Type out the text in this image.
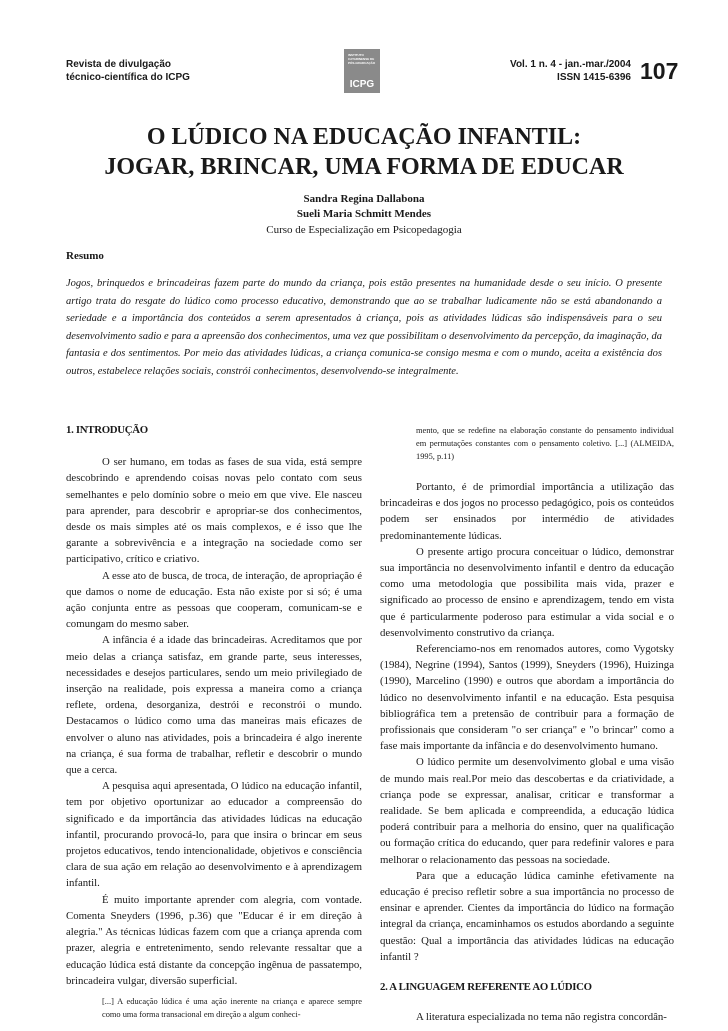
Revista de divulgação
técnico-científica do ICPG
INSTITUTO CATARINENSE DE PÓS-GRADUAÇÃO
ICPG
Vol. 1 n. 4 - jan.-mar./2004
ISSN 1415-6396 107
O LÚDICO NA EDUCAÇÃO INFANTIL:
JOGAR, BRINCAR, UMA FORMA DE EDUCAR
Sandra Regina Dallabona
Sueli Maria Schmitt Mendes
Curso de Especialização em Psicopedagogia
Resumo
Jogos, brinquedos e brincadeiras fazem parte do mundo da criança, pois estão presentes na humanidade desde o seu início. O presente artigo trata do resgate do lúdico como processo educativo, demonstrando que ao se trabalhar ludicamente não se está abandonando a seriedade e a importância dos conteúdos a serem apresentados à criança, pois as atividades lúdicas são indispensáveis para o seu desenvolvimento sadio e para a apreensão dos conhecimentos, uma vez que possibilitam o desenvolvimento da percepção, da imaginação, da fantasia e dos sentimentos. Por meio das atividades lúdicas, a criança comunica-se consigo mesma e com o mundo, aceita a existência dos outros, estabelece relações sociais, constrói conhecimentos, desenvolvendo-se integralmente.

1. INTRODUÇÃO

O ser humano, em todas as fases de sua vida, está sempre descobrindo e aprendendo coisas novas pelo contato com seus semelhantes e pelo domínio sobre o meio em que vive. Ele nasceu para aprender, para descobrir e apropriar-se dos conhecimentos, desde os mais simples até os mais complexos, e é isso que lhe garante a sobrevivência e a integração na sociedade como ser participativo, crítico e criativo.

A esse ato de busca, de troca, de interação, de apropriação é que damos o nome de educação. Esta não existe por si só; é uma ação conjunta entre as pessoas que cooperam, comunicam-se e comungam do mesmo saber.

A infância é a idade das brincadeiras. Acreditamos que por meio delas a criança satisfaz, em grande parte, seus interesses, necessidades e desejos particulares, sendo um meio privilegiado de inserção na realidade, pois expressa a maneira como a criança reflete, ordena, desorganiza, destrói e reconstrói o mundo. Destacamos o lúdico como uma das maneiras mais eficazes de envolver o aluno nas atividades, pois a brincadeira é algo inerente na criança, é sua forma de trabalhar, refletir e descobrir o mundo que a cerca.

A pesquisa aqui apresentada, O lúdico na educação infantil, tem por objetivo oportunizar ao educador a compreensão do significado e da importância das atividades lúdicas na educação infantil, procurando provocá-lo, para que insira o brincar em seus projetos educativos, tendo intencionalidade, objetivos e consciência clara de sua ação em relação ao desenvolvimento e à aprendizagem infantil.

É muito importante aprender com alegria, com vontade. Comenta Sneyders (1996, p.36) que "Educar é ir em direção à alegria." As técnicas lúdicas fazem com que a criança aprenda com prazer, alegria e entretenimento, sendo relevante ressaltar que a educação lúdica está distante da concepção ingênua de passatempo, brincadeira vulgar, diversão superficial.

[...] A educação lúdica é uma ação inerente na criança e aparece sempre como uma forma transacional em direção a algum conheci-

mento, que se redefine na elaboração constante do pensamento individual em permutações constantes com o pensamento coletivo. [...] (ALMEIDA, 1995, p.11)

Portanto, é de primordial importância a utilização das brincadeiras e dos jogos no processo pedagógico, pois os conteúdos podem ser ensinados por intermédio de atividades predominantemente lúdicas.

O presente artigo procura conceituar o lúdico, demonstrar sua importância no desenvolvimento infantil e dentro da educação como uma metodologia que possibilita mais vida, prazer e significado ao processo de ensino e aprendizagem, tendo em vista que é particularmente poderoso para estimular a vida social e o desenvolvimento construtivo da criança.

Referenciamo-nos em renomados autores, como Vygotsky (1984), Negrine (1994), Santos (1999), Sneyders (1996), Huizinga (1990), Marcelino (1990) e outros que abordam a importância do lúdico no desenvolvimento infantil e na educação. Esta pesquisa bibliográfica tem a pretensão de contribuir para a formação de profissionais que consideram "o ser criança" e "o brincar" como a fase mais importante da infância e do desenvolvimento humano.

O lúdico permite um desenvolvimento global e uma visão de mundo mais real.Por meio das descobertas e da criatividade, a criança pode se expressar, analisar, criticar e transformar a realidade. Se bem aplicada e compreendida, a educação lúdica poderá contribuir para a melhoria do ensino, quer na qualificação ou formação crítica do educando, quer para redefinir valores e para melhorar o relacionamento das pessoas na sociedade.

Para que a educação lúdica caminhe efetivamente na educação é preciso refletir sobre a sua importância no processo de ensinar e aprender. Cientes da importância do lúdico na formação integral da criança, encaminhamos os estudos abordando a seguinte questão: Qual a importância das atividades lúdicas na educação infantil ?

2. A LINGUAGEM REFERENTE AO LÚDICO

A literatura especializada no tema não registra concordân-
